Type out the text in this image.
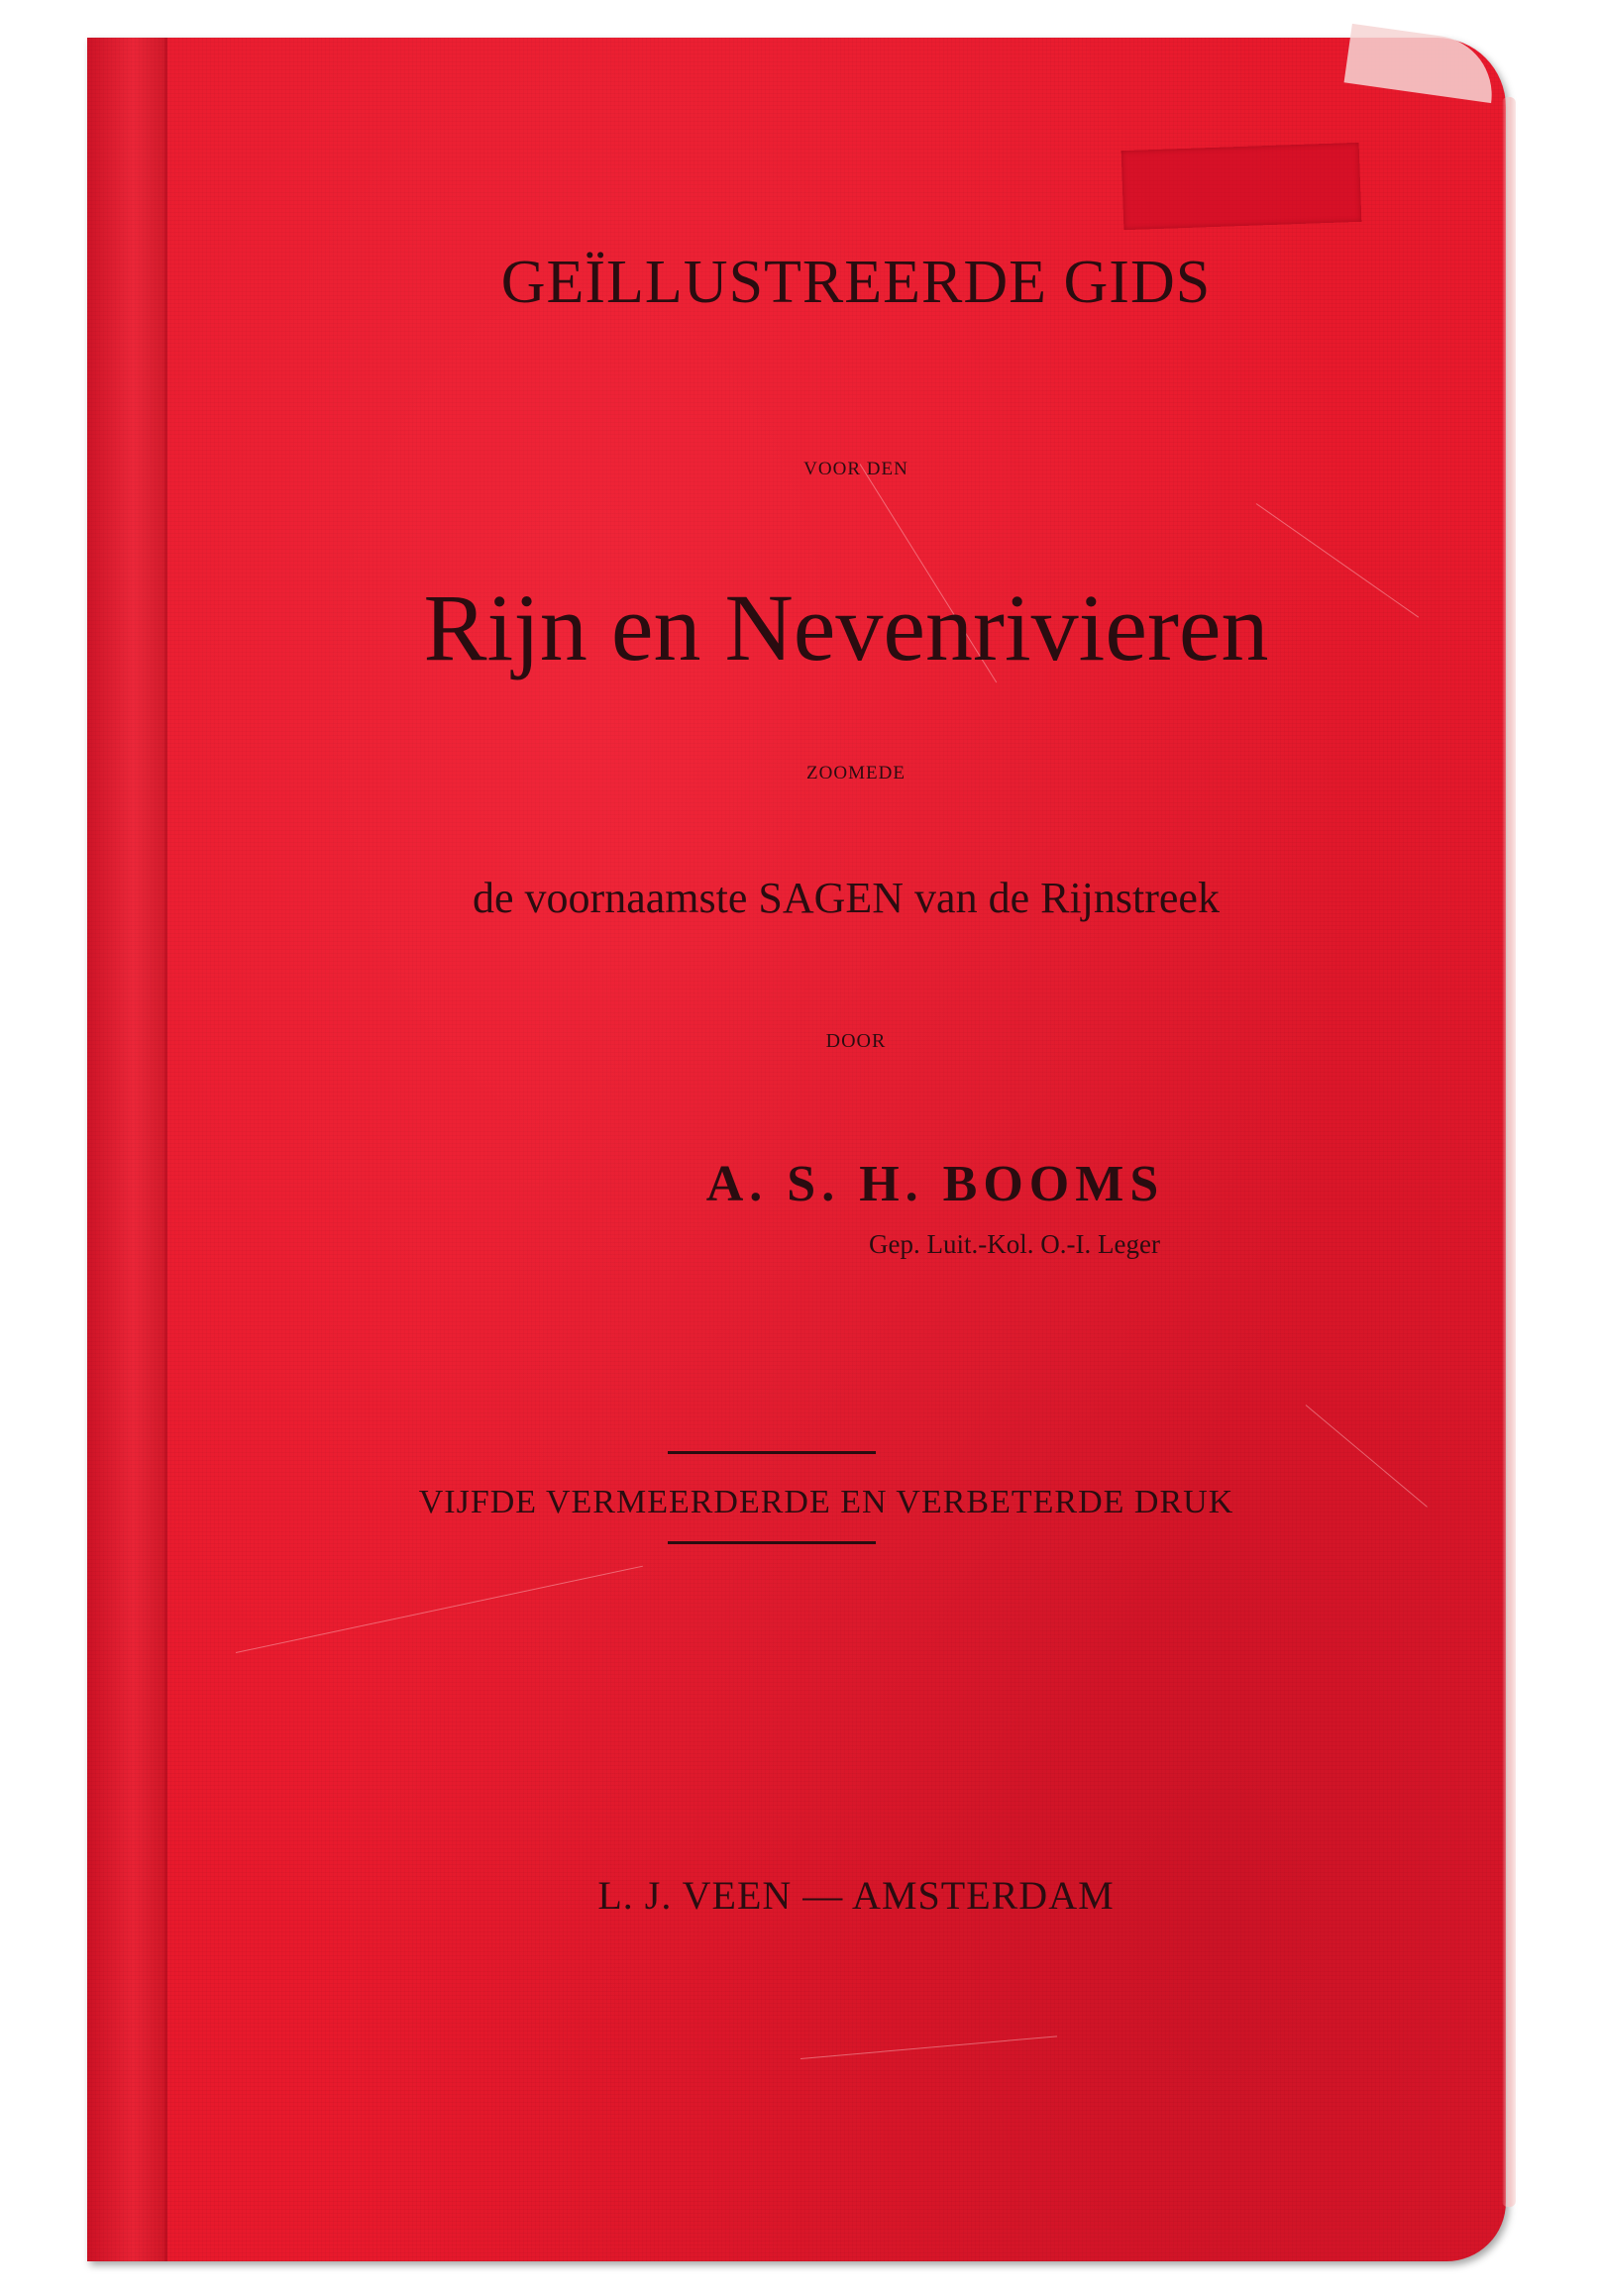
GEÏLLUSTREERDE GIDS
VOOR DEN
Rijn en Nevenrivieren
ZOOMEDE
de voornaamste SAGEN van de Rijnstreek
DOOR
A. S. H. BOOMS
Gep. Luit.-Kol. O.-I. Leger
VIJFDE VERMEERDERDE EN VERBETERDE DRUK
L. J. VEEN — AMSTERDAM
